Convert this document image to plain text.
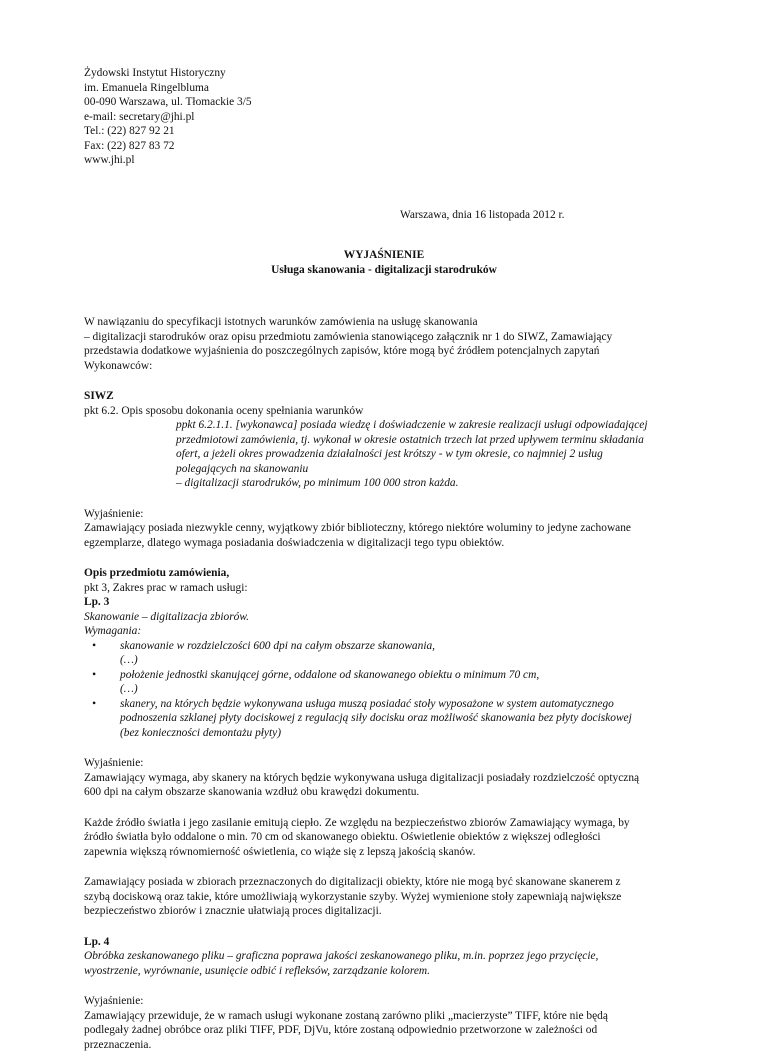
Żydowski Instytut Historyczny
im. Emanuela Ringelbluma
00-090 Warszawa, ul. Tłomackie 3/5
e-mail: secretary@jhi.pl
Tel.: (22) 827 92 21
Fax: (22) 827 83 72
www.jhi.pl
Warszawa, dnia 16 listopada 2012 r.
WYJAŚNIENIE
Usługa skanowania - digitalizacji starodruków
W nawiązaniu do specyfikacji istotnych warunków zamówienia na usługę skanowania
– digitalizacji starodruków oraz opisu przedmiotu zamówienia stanowiącego załącznik nr 1 do SIWZ, Zamawiający
przedstawia dodatkowe wyjaśnienia do poszczególnych zapisów, które mogą być źródłem potencjalnych zapytań
Wykonawców:
SIWZ
pkt 6.2. Opis sposobu dokonania oceny spełniania warunków
ppkt 6.2.1.1. [wykonawca] posiada wiedzę i doświadczenie w zakresie realizacji usługi odpowiadającej
przedmiotowi zamówienia, tj. wykonał w okresie ostatnich trzech lat przed upływem terminu składania
ofert, a jeżeli okres prowadzenia działalności jest krótszy - w tym okresie, co najmniej 2 usług
polegających na skanowaniu
– digitalizacji starodruków, po minimum 100 000 stron każda.
Wyjaśnienie:
Zamawiający posiada niezwykle cenny, wyjątkowy zbiór biblioteczny, którego niektóre woluminy to jedyne zachowane
egzemplarze, dlatego wymaga posiadania doświadczenia w digitalizacji tego typu obiektów.
Opis przedmiotu zamówienia,
pkt 3, Zakres prac w ramach usługi:
Lp. 3
Skanowanie – digitalizacja zbiorów.
Wymagania:
•	skanowanie w rozdzielczości 600 dpi na całym obszarze skanowania,
(…)
•	położenie jednostki skanującej górne, oddalone od skanowanego obiektu o minimum 70 cm,
(…)
•	skanery, na których będzie wykonywana usługa muszą posiadać stoły wyposażone w system automatycznego
podnoszenia szklanej płyty dociskowej z regulacją siły docisku oraz możliwość skanowania bez płyty dociskowej
(bez konieczności demontażu płyty)
Wyjaśnienie:
Zamawiający wymaga, aby skanery na których będzie wykonywana usługa digitalizacji posiadały rozdzielczość optyczną
600 dpi na całym obszarze skanowania wzdłuż obu krawędzi dokumentu.
Każde źródło światła i jego zasilanie emitują ciepło. Ze względu na bezpieczeństwo zbiorów Zamawiający wymaga, by
źródło światła było oddalone o min. 70 cm od skanowanego obiektu. Oświetlenie obiektów z większej odległości
zapewnia większą równomierność oświetlenia, co wiąże się z lepszą jakością skanów.
Zamawiający posiada w zbiorach przeznaczonych do digitalizacji obiekty, które nie mogą być skanowane skanerem z
szybą dociskową oraz takie, które umożliwiają wykorzystanie szyby. Wyżej wymienione stoły zapewniają największe
bezpieczeństwo zbiorów i znacznie ułatwiają proces digitalizacji.
Lp. 4
Obróbka zeskanowanego pliku – graficzna poprawa jakości zeskanowanego pliku, m.in. poprzez jego przycięcie,
wyostrzenie, wyrównanie, usunięcie odbić i refleksów, zarządzanie kolorem.
Wyjaśnienie:
Zamawiający przewiduje, że w ramach usługi wykonane zostaną zarówno pliki „macierzyste” TIFF, które nie będą
podlegały żadnej obróbce oraz pliki TIFF, PDF, DjVu, które zostaną odpowiednio przetworzone w zależności od
przeznaczenia.
